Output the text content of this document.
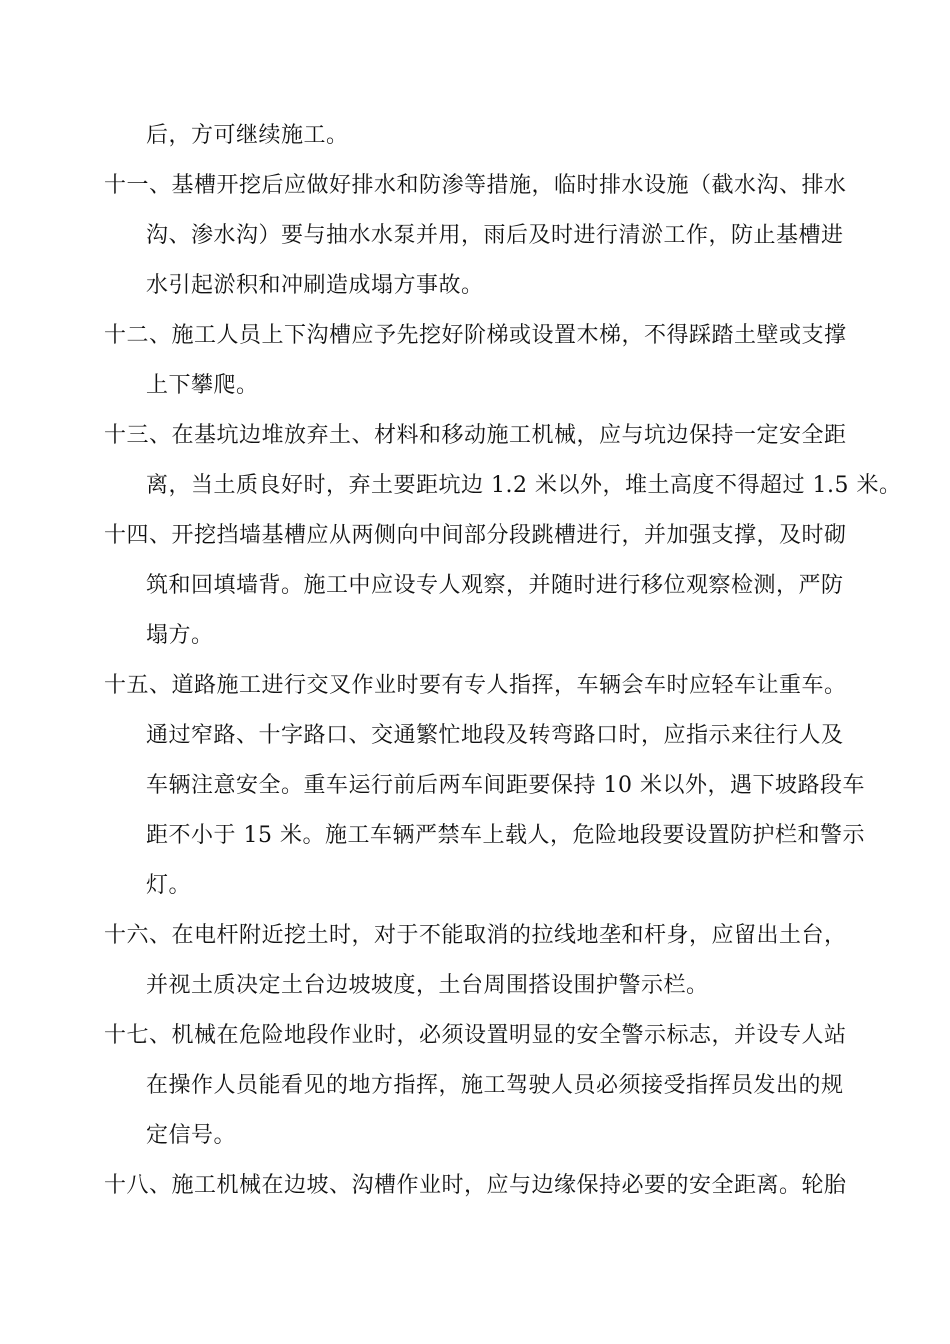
后，方可继续施工。
十一、基槽开挖后应做好排水和防渗等措施，临时排水设施（截水沟、排水
沟、渗水沟）要与抽水水泵并用，雨后及时进行清淤工作，防止基槽进
水引起淤积和冲刷造成塌方事故。
十二、施工人员上下沟槽应予先挖好阶梯或设置木梯，不得踩踏土壁或支撑
上下攀爬。
十三、在基坑边堆放弃土、材料和移动施工机械，应与坑边保持一定安全距
离，当土质良好时，弃土要距坑边 1.2 米以外，堆土高度不得超过 1.5 米。
十四、开挖挡墙基槽应从两侧向中间部分段跳槽进行，并加强支撑，及时砌
筑和回填墙背。施工中应设专人观察，并随时进行移位观察检测，严防
塌方。
十五、道路施工进行交叉作业时要有专人指挥，车辆会车时应轻车让重车。
通过窄路、十字路口、交通繁忙地段及转弯路口时，应指示来往行人及
车辆注意安全。重车运行前后两车间距要保持 10 米以外，遇下坡路段车
距不小于 15 米。施工车辆严禁车上载人，危险地段要设置防护栏和警示
灯。
十六、在电杆附近挖土时，对于不能取消的拉线地垄和杆身，应留出土台，
并视土质决定土台边坡坡度，土台周围搭设围护警示栏。
十七、机械在危险地段作业时，必须设置明显的安全警示标志，并设专人站
在操作人员能看见的地方指挥，施工驾驶人员必须接受指挥员发出的规
定信号。
十八、施工机械在边坡、沟槽作业时，应与边缘保持必要的安全距离。轮胎
